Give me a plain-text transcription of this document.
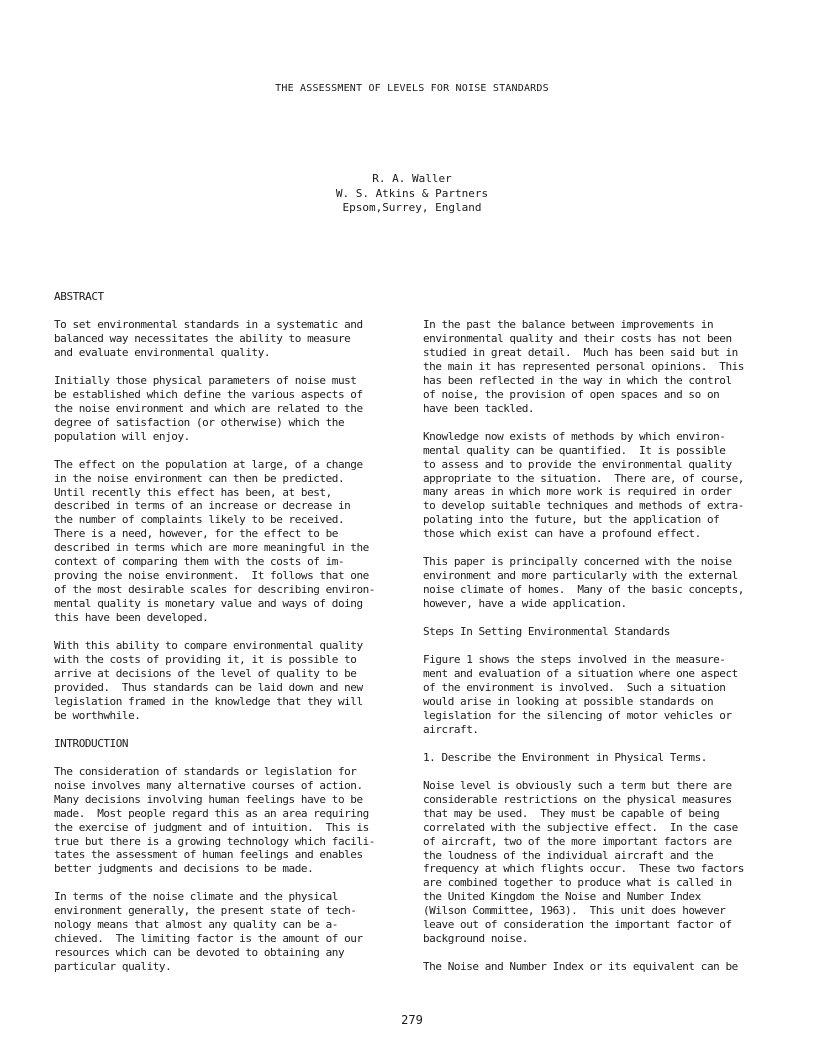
THE ASSESSMENT OF LEVELS FOR NOISE STANDARDS
R. A. Waller
W. S. Atkins & Partners
Epsom,Surrey, England
ABSTRACT

To set environmental standards in a systematic and
balanced way necessitates the ability to measure
and evaluate environmental quality.

Initially those physical parameters of noise must
be established which define the various aspects of
the noise environment and which are related to the
degree of satisfaction (or otherwise) which the
population will enjoy.

The effect on the population at large, of a change
in the noise environment can then be predicted.
Until recently this effect has been, at best,
described in terms of an increase or decrease in
the number of complaints likely to be received.
There is a need, however, for the effect to be
described in terms which are more meaningful in the
context of comparing them with the costs of im-
proving the noise environment.  It follows that one
of the most desirable scales for describing environ-
mental quality is monetary value and ways of doing
this have been developed.

With this ability to compare environmental quality
with the costs of providing it, it is possible to
arrive at decisions of the level of quality to be
provided.  Thus standards can be laid down and new
legislation framed in the knowledge that they will
be worthwhile.

INTRODUCTION

The consideration of standards or legislation for
noise involves many alternative courses of action.
Many decisions involving human feelings have to be
made.  Most people regard this as an area requiring
the exercise of judgment and of intuition.  This is
true but there is a growing technology which facili-
tates the assessment of human feelings and enables
better judgments and decisions to be made.

In terms of the noise climate and the physical
environment generally, the present state of tech-
nology means that almost any quality can be a-
chieved.  The limiting factor is the amount of our
resources which can be devoted to obtaining any
particular quality.

In the past the balance between improvements in
environmental quality and their costs has not been
studied in great detail.  Much has been said but in
the main it has represented personal opinions.  This
has been reflected in the way in which the control
of noise, the provision of open spaces and so on
have been tackled.

Knowledge now exists of methods by which environ-
mental quality can be quantified.  It is possible
to assess and to provide the environmental quality
appropriate to the situation.  There are, of course,
many areas in which more work is required in order
to develop suitable techniques and methods of extra-
polating into the future, but the application of
those which exist can have a profound effect.

This paper is principally concerned with the noise
environment and more particularly with the external
noise climate of homes.  Many of the basic concepts,
however, have a wide application.

Steps In Setting Environmental Standards

Figure 1 shows the steps involved in the measure-
ment and evaluation of a situation where one aspect
of the environment is involved.  Such a situation
would arise in looking at possible standards on
legislation for the silencing of motor vehicles or
aircraft.

1. Describe the Environment in Physical Terms.

Noise level is obviously such a term but there are
considerable restrictions on the physical measures
that may be used.  They must be capable of being
correlated with the subjective effect.  In the case
of aircraft, two of the more important factors are
the loudness of the individual aircraft and the
frequency at which flights occur.  These two factors
are combined together to produce what is called in
the United Kingdom the Noise and Number Index
(Wilson Committee, 1963).  This unit does however
leave out of consideration the important factor of
background noise.

The Noise and Number Index or its equivalent can be

279
